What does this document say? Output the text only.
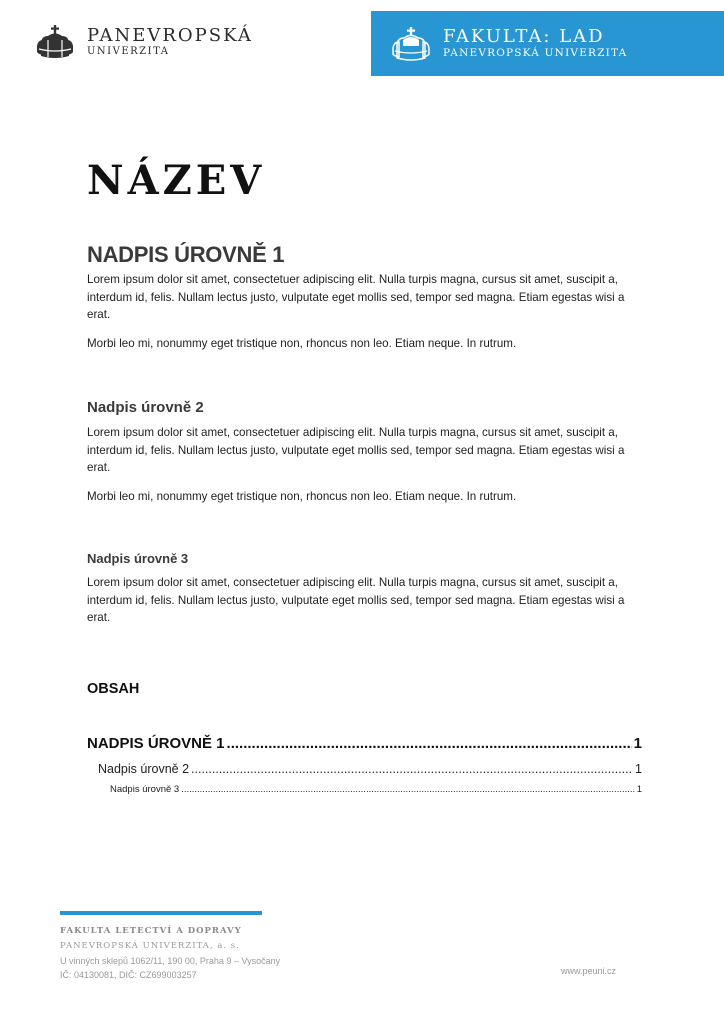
PANEVROPSKÁ
UNIVERZITA
FAKULTA: LAD
PANEVROPSKÁ UNIVERZITA
NÁZEV
NADPIS ÚROVNĚ 1
Lorem ipsum dolor sit amet, consectetuer adipiscing elit. Nulla turpis magna, cursus sit amet, suscipit a, interdum id, felis. Nullam lectus justo, vulputate eget mollis sed, tempor sed magna. Etiam egestas wisi a erat.
Morbi leo mi, nonummy eget tristique non, rhoncus non leo. Etiam neque. In rutrum.
Nadpis úrovně 2
Lorem ipsum dolor sit amet, consectetuer adipiscing elit. Nulla turpis magna, cursus sit amet, suscipit a, interdum id, felis. Nullam lectus justo, vulputate eget mollis sed, tempor sed magna. Etiam egestas wisi a erat.
Morbi leo mi, nonummy eget tristique non, rhoncus non leo. Etiam neque. In rutrum.
Nadpis úrovně 3
Lorem ipsum dolor sit amet, consectetuer adipiscing elit. Nulla turpis magna, cursus sit amet, suscipit a, interdum id, felis. Nullam lectus justo, vulputate eget mollis sed, tempor sed magna. Etiam egestas wisi a erat.
OBSAH
NADPIS ÚROVNĚ 1 .....	1
Nadpis úrovně 2 .....	1
Nadpis úrovně 3 .....	1
FAKULTA LETECTVÍ A DOPRAVY
PANEVROPSKÁ UNIVERZITA, a. s.
U vinných sklepů 1062/11, 190 00, Praha 9 – Vysočany
IČ: 04130081, DIČ: CZ699003257	www.peuni.cz
